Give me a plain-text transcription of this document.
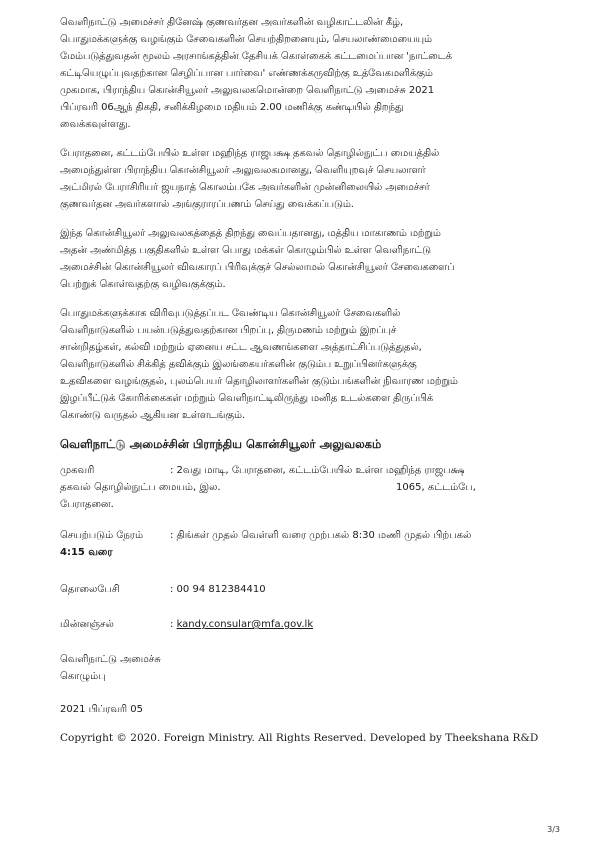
வெளிநாட்டு அமைச்சர் தினேஷ் குணவர்தன அவர்களின் வழிகாட்டலின் கீழ்,
பொதுமக்களுக்கு வழங்கும் சேவைகளின் செயற்திறனையும், செயலாண்மையையும்
மேம்படுத்துவதன் மூலம் அரசாங்கத்தின் தேசியக் கொள்கைக் கட்டமைப்பான 'நாட்டைக்
கட்டியெழுப்புவதற்கான செழிப்பான பார்வை' எண்ணக்கருவிற்கு உத்வேகமளிக்கும்
முகமாக, பிராந்திய கொன்சியூலர் அலுவலகமொன்றை வெளிநாட்டு அமைச்சு 2021
பிப்ரவரி 06ஆந் திகதி, சனிக்கிழமை மதியம் 2.00 மணிக்கு கண்டியில் திறந்து
வைக்கவுள்ளது.

பேராதனை, கட்டம்பேயில் உள்ள மஹிந்த ராஜபக்ஷ தகவல் தொழில்நுட்ப மையத்தில்
அமைந்துள்ள பிராந்திய கொன்சியூலர் அலுவலகமானது, வெளியுறவுச் செயலாளர்
அட்மிரல் பேராசிரியர் ஜயநாத் கொலம்பகே அவர்களின் முன்னிலையில் அமைச்சர்
குணவர்தன அவர்களால் அங்குராரப்பணம் செய்து வைக்கப்படும்.

இந்த கொன்சியூலர் அலுவலகத்தைத் திறந்து வைப்பதானது, மத்திய மாகாணம் மற்றும்
அதன் அண்மித்த பகுதிகளில் உள்ள பொது மக்கள் கொழும்பில் உள்ள வெளிநாட்டு
அமைச்சின் கொன்சியூலர் விவகாரப் பிரிவுக்குச் செல்லாமல் கொன்சியூலர் சேவைகளைப்
பெற்றுக் கொள்வதற்கு வழிவகுக்கும்.

பொதுமக்களுக்காக விரிவுபடுத்தப்பட வேண்டிய கொன்சியூலர் சேவைகளில்
வெளிநாடுகளில் பயன்படுத்துவதற்கான பிறப்பு, திருமணம் மற்றும் இறப்புச்
சான்றிதழ்கள், கல்வி மற்றும் ஏனைய சட்ட ஆவணங்களை அத்தாட்சிப்படுத்துதல்,
வெளிநாடுகளில் சிக்கித் தவிக்கும் இலங்கையர்களின் குடும்ப உறுப்பினர்களுக்கு
உதவிகளை வழங்குதல், புலம்பெயர் தொழிலாளர்களின் குடும்பங்களின் நிவாரண மற்றும்
இழப்பீட்டுக் கோரிக்கைகள் மற்றும் வெளிநாட்டிலிருந்து மனித உடல்களை திருப்பிக்
கொண்டு வருதல் ஆகியன உள்ளடங்கும்.

வெளிநாட்டு அமைச்சின் பிராந்திய கொன்சியூலர் அலுவலகம்
முகவரி	: 2வது மாடி, பேராதனை, கட்டம்பேயில் உள்ள மஹிந்த ராஜபக்ஷ
தகவல் தொழில்நுட்ப மையம், இல.	1065, கட்டம்பே,
பேராதனை.
செயற்படும் நேரம்	: திங்கள் முதல் வெள்ளி வரை முற்பகல் 8:30 மணி முதல் பிற்பகல்
4:15 வரை
தொலைபேசி	: 00 94 812384410
மின்னஞ்சல்	: kandy.consular@mfa.gov.lk
வெளிநாட்டு அமைச்சு
கொழும்பு
2021 பிப்ரவரி 05
Copyright © 2020. Foreign Ministry. All Rights Reserved. Developed by Theekshana R&D
3/3
